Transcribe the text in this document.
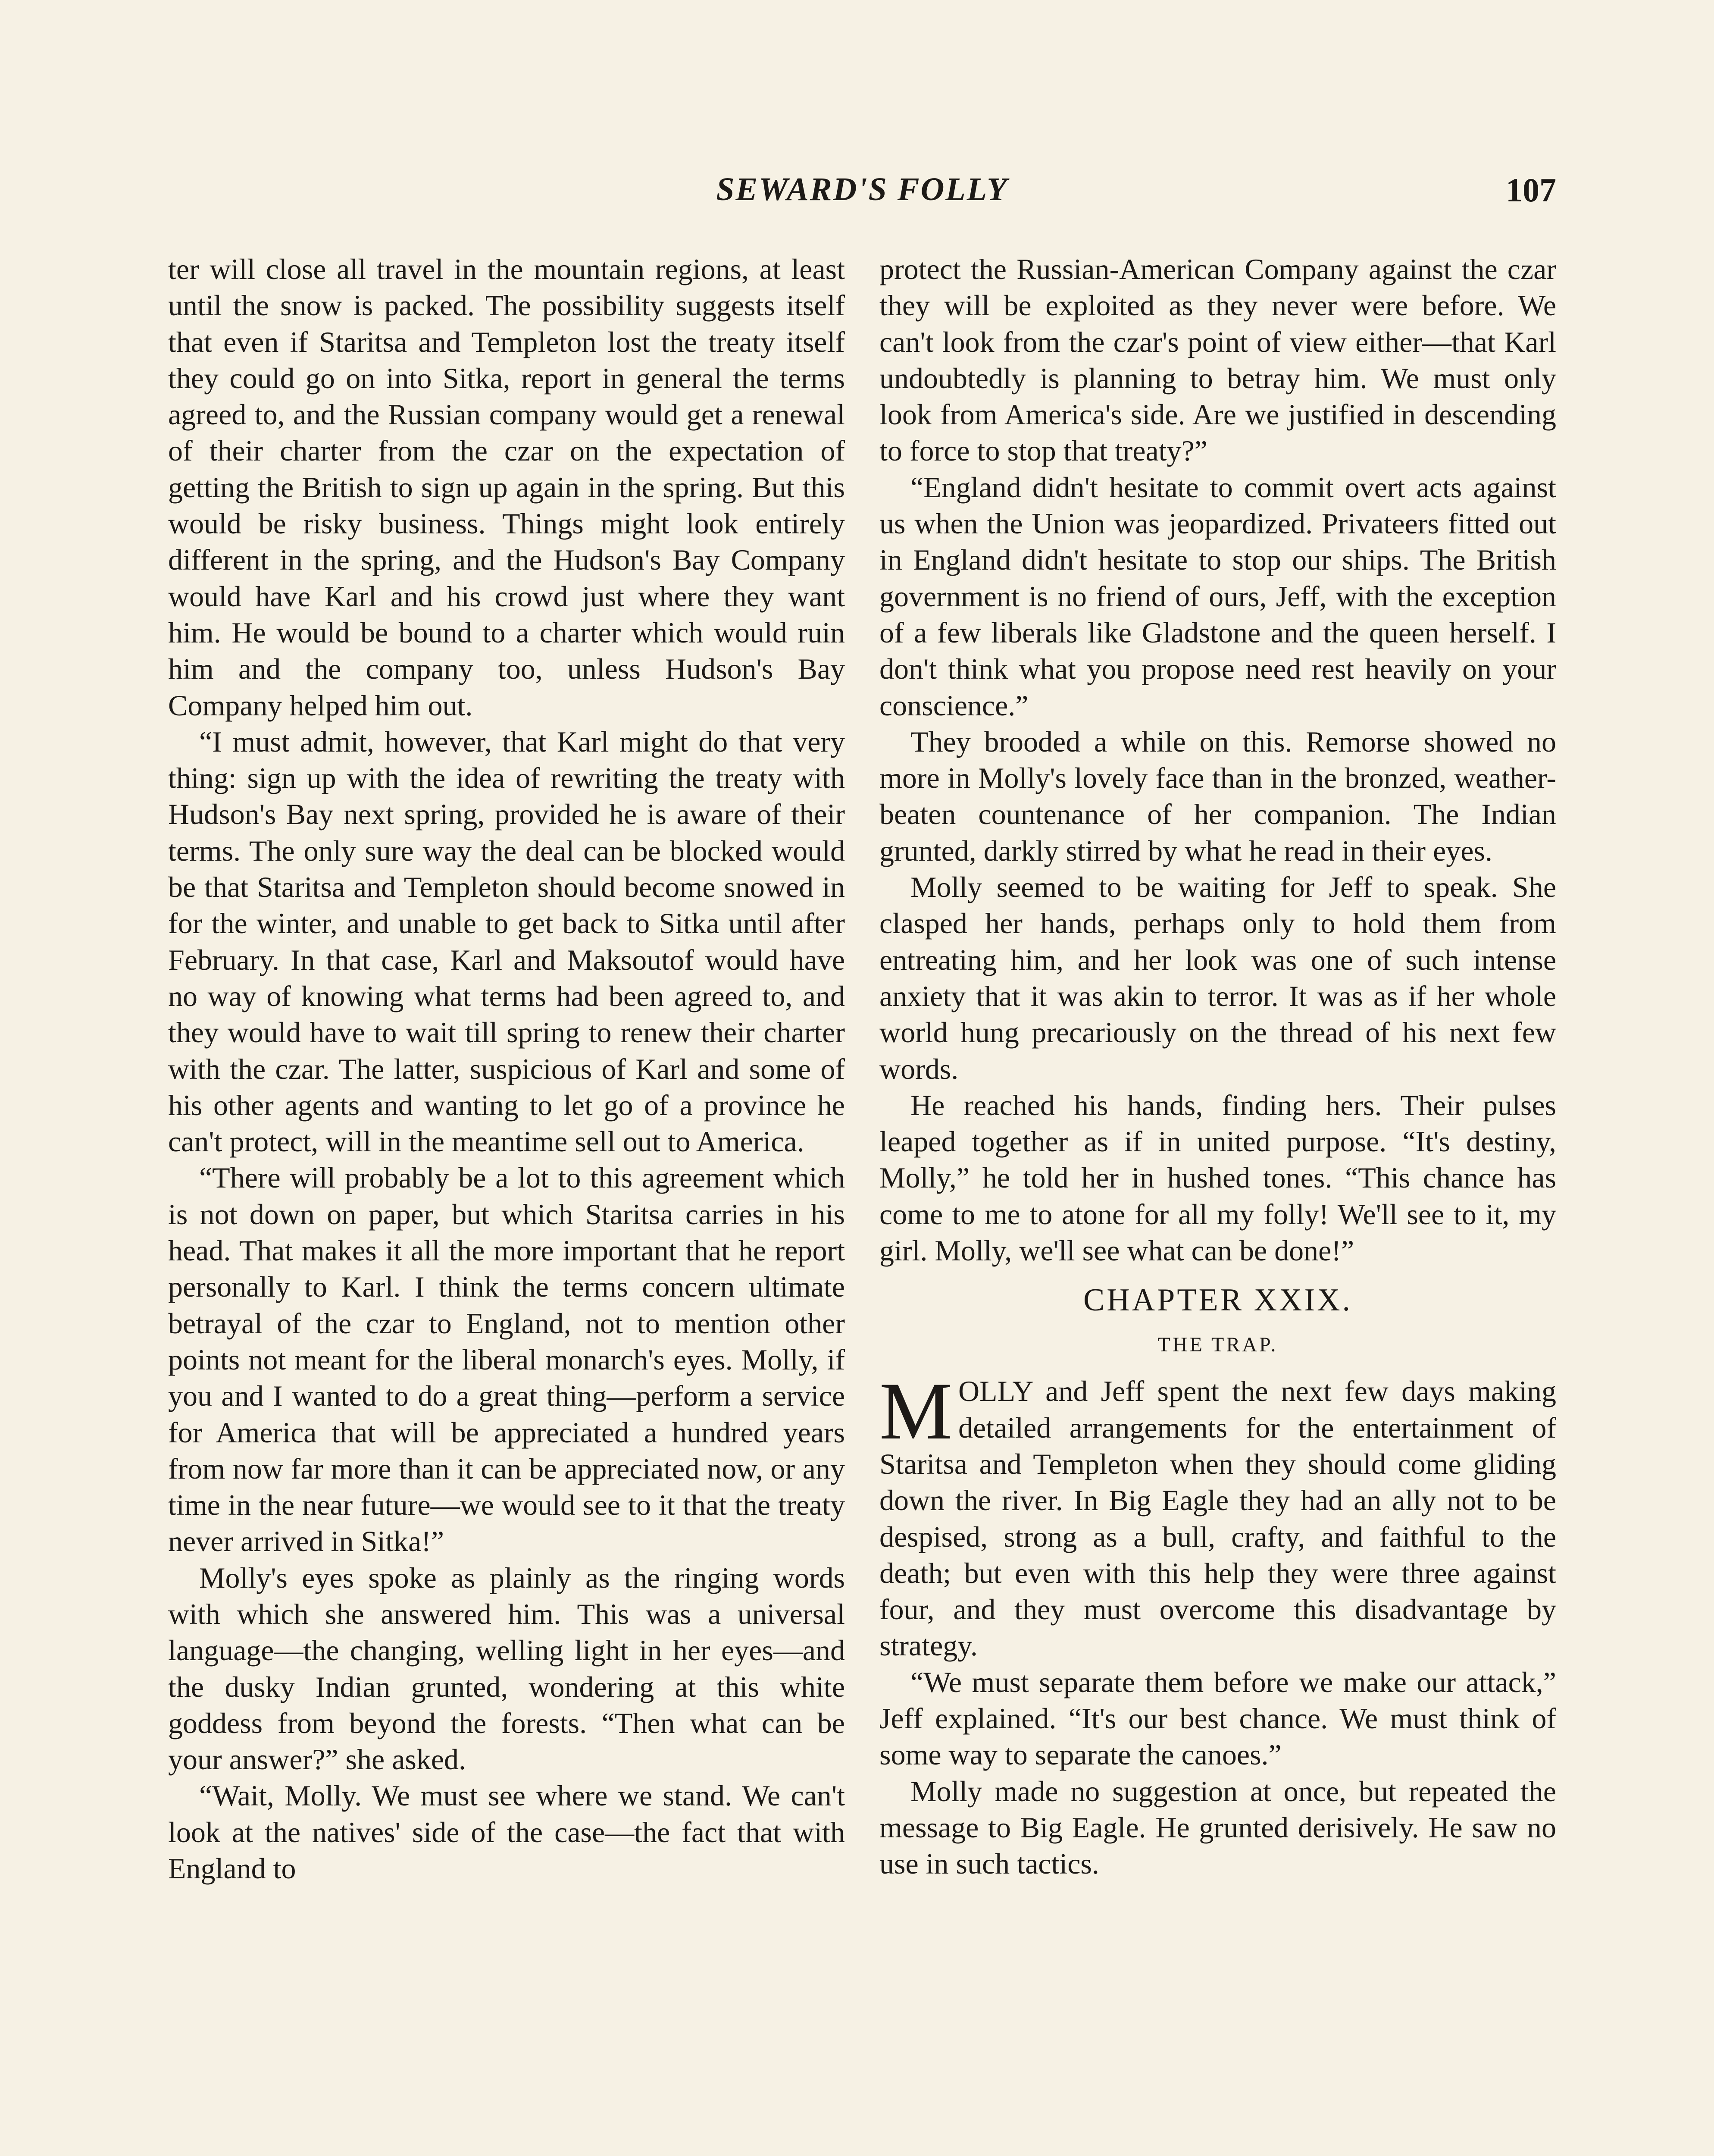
SEWARD'S FOLLY	107

ter will close all travel in the mountain regions, at least until the snow is packed. The possibility suggests itself that even if Staritsa and Templeton lost the treaty itself they could go on into Sitka, report in general the terms agreed to, and the Russian company would get a renewal of their charter from the czar on the expectation of getting the British to sign up again in the spring. But this would be risky business. Things might look entirely different in the spring, and the Hudson's Bay Company would have Karl and his crowd just where they want him. He would be bound to a charter which would ruin him and the company too, unless Hudson's Bay Company helped him out.

“I must admit, however, that Karl might do that very thing: sign up with the idea of rewriting the treaty with Hudson's Bay next spring, provided he is aware of their terms. The only sure way the deal can be blocked would be that Staritsa and Templeton should become snowed in for the winter, and unable to get back to Sitka until after February. In that case, Karl and Maksoutof would have no way of knowing what terms had been agreed to, and they would have to wait till spring to renew their charter with the czar. The latter, suspicious of Karl and some of his other agents and wanting to let go of a province he can't protect, will in the meantime sell out to America.

“There will probably be a lot to this agreement which is not down on paper, but which Staritsa carries in his head. That makes it all the more important that he report personally to Karl. I think the terms concern ultimate betrayal of the czar to England, not to mention other points not meant for the liberal monarch's eyes. Molly, if you and I wanted to do a great thing—perform a service for America that will be appreciated a hundred years from now far more than it can be appreciated now, or any time in the near future—we would see to it that the treaty never arrived in Sitka!”

Molly's eyes spoke as plainly as the ringing words with which she answered him. This was a universal language—the changing, welling light in her eyes—and the dusky Indian grunted, wondering at this white goddess from beyond the forests. “Then what can be your answer?” she asked.

“Wait, Molly. We must see where we stand. We can't look at the natives' side of the case—the fact that with England to

protect the Russian-American Company against the czar they will be exploited as they never were before. We can't look from the czar's point of view either—that Karl undoubtedly is planning to betray him. We must only look from America's side. Are we justified in descending to force to stop that treaty?”

“England didn't hesitate to commit overt acts against us when the Union was jeopardized. Privateers fitted out in England didn't hesitate to stop our ships. The British government is no friend of ours, Jeff, with the exception of a few liberals like Gladstone and the queen herself. I don't think what you propose need rest heavily on your conscience.”

They brooded a while on this. Remorse showed no more in Molly's lovely face than in the bronzed, weather-beaten countenance of her companion. The Indian grunted, darkly stirred by what he read in their eyes.

Molly seemed to be waiting for Jeff to speak. She clasped her hands, perhaps only to hold them from entreating him, and her look was one of such intense anxiety that it was akin to terror. It was as if her whole world hung precariously on the thread of his next few words.

He reached his hands, finding hers. Their pulses leaped together as if in united purpose. “It's destiny, Molly,” he told her in hushed tones. “This chance has come to me to atone for all my folly! We'll see to it, my girl. Molly, we'll see what can be done!”

CHAPTER XXIX.
THE TRAP.

MOLLY and Jeff spent the next few days making detailed arrangements for the entertainment of Staritsa and Templeton when they should come gliding down the river. In Big Eagle they had an ally not to be despised, strong as a bull, crafty, and faithful to the death; but even with this help they were three against four, and they must overcome this disadvantage by strategy.

“We must separate them before we make our attack,” Jeff explained. “It's our best chance. We must think of some way to separate the canoes.”

Molly made no suggestion at once, but repeated the message to Big Eagle. He grunted derisively. He saw no use in such tactics.
